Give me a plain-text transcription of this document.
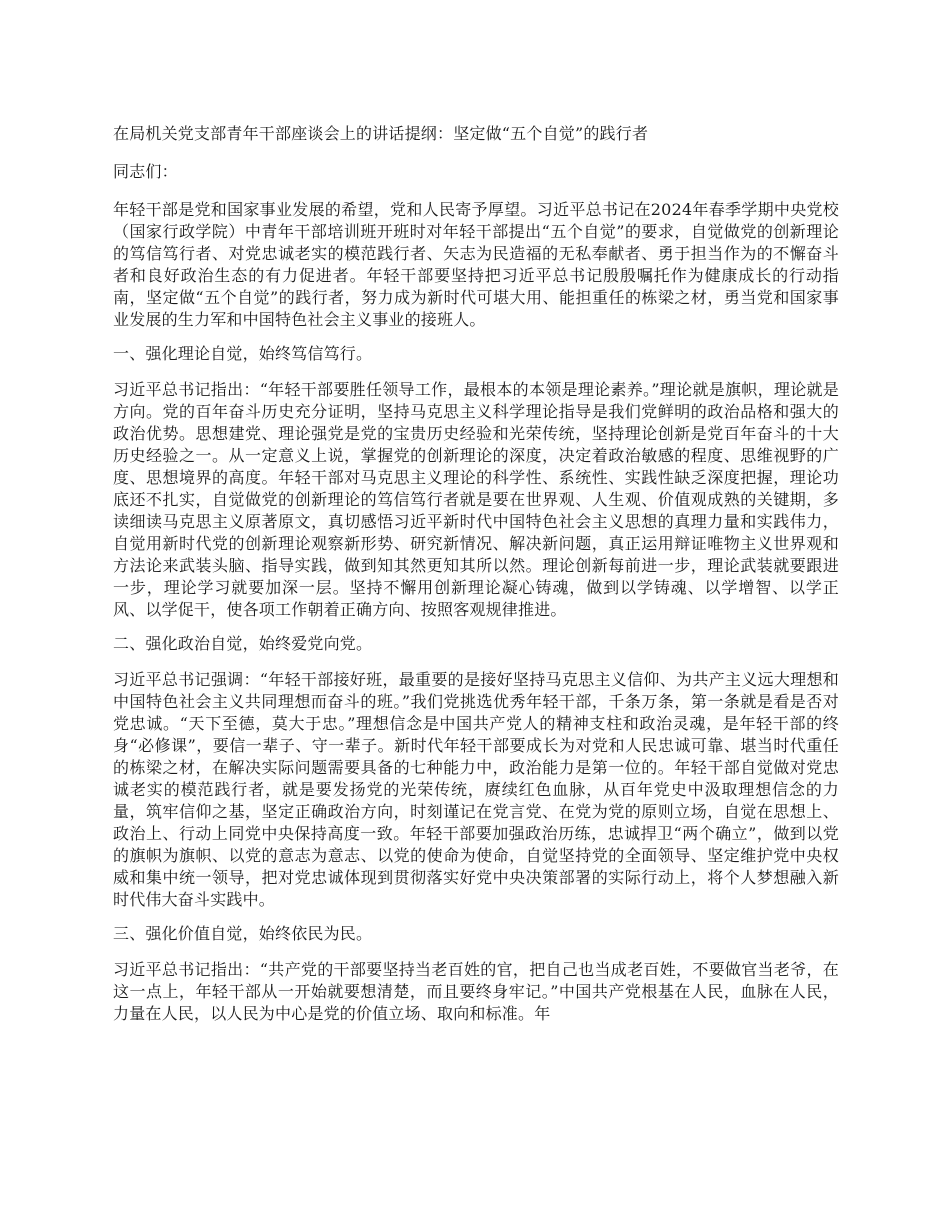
在局机关党支部青年干部座谈会上的讲话提纲：坚定做“五个自觉”的践行者

同志们：

年轻干部是党和国家事业发展的希望，党和人民寄予厚望。习近平总书记在2024年春季学期中央党校（国家行政学院）中青年干部培训班开班时对年轻干部提出“五个自觉”的要求，自觉做党的创新理论的笃信笃行者、对党忠诚老实的模范践行者、矢志为民造福的无私奉献者、勇于担当作为的不懈奋斗者和良好政治生态的有力促进者。年轻干部要坚持把习近平总书记殷殷嘱托作为健康成长的行动指南，坚定做“五个自觉”的践行者，努力成为新时代可堪大用、能担重任的栋梁之材，勇当党和国家事业发展的生力军和中国特色社会主义事业的接班人。

一、强化理论自觉，始终笃信笃行。

习近平总书记指出：“年轻干部要胜任领导工作，最根本的本领是理论素养。”理论就是旗帜，理论就是方向。党的百年奋斗历史充分证明，坚持马克思主义科学理论指导是我们党鲜明的政治品格和强大的政治优势。思想建党、理论强党是党的宝贵历史经验和光荣传统，坚持理论创新是党百年奋斗的十大历史经验之一。从一定意义上说，掌握党的创新理论的深度，决定着政治敏感的程度、思维视野的广度、思想境界的高度。年轻干部对马克思主义理论的科学性、系统性、实践性缺乏深度把握，理论功底还不扎实，自觉做党的创新理论的笃信笃行者就是要在世界观、人生观、价值观成熟的关键期，多读细读马克思主义原著原文，真切感悟习近平新时代中国特色社会主义思想的真理力量和实践伟力，自觉用新时代党的创新理论观察新形势、研究新情况、解决新问题，真正运用辩证唯物主义世界观和方法论来武装头脑、指导实践，做到知其然更知其所以然。理论创新每前进一步，理论武装就要跟进一步，理论学习就要加深一层。坚持不懈用创新理论凝心铸魂，做到以学铸魂、以学增智、以学正风、以学促干，使各项工作朝着正确方向、按照客观规律推进。

二、强化政治自觉，始终爱党向党。

习近平总书记强调：“年轻干部接好班，最重要的是接好坚持马克思主义信仰、为共产主义远大理想和中国特色社会主义共同理想而奋斗的班。”我们党挑选优秀年轻干部，千条万条，第一条就是看是否对党忠诚。“天下至德，莫大于忠。”理想信念是中国共产党人的精神支柱和政治灵魂，是年轻干部的终身“必修课”，要信一辈子、守一辈子。新时代年轻干部要成长为对党和人民忠诚可靠、堪当时代重任的栋梁之材，在解决实际问题需要具备的七种能力中，政治能力是第一位的。年轻干部自觉做对党忠诚老实的模范践行者，就是要发扬党的光荣传统，赓续红色血脉，从百年党史中汲取理想信念的力量，筑牢信仰之基，坚定正确政治方向，时刻谨记在党言党、在党为党的原则立场，自觉在思想上、政治上、行动上同党中央保持高度一致。年轻干部要加强政治历练，忠诚捍卫“两个确立”，做到以党的旗帜为旗帜、以党的意志为意志、以党的使命为使命，自觉坚持党的全面领导、坚定维护党中央权威和集中统一领导，把对党忠诚体现到贯彻落实好党中央决策部署的实际行动上，将个人梦想融入新时代伟大奋斗实践中。

三、强化价值自觉，始终依民为民。

习近平总书记指出：“共产党的干部要坚持当老百姓的官，把自己也当成老百姓，不要做官当老爷，在这一点上，年轻干部从一开始就要想清楚，而且要终身牢记。”中国共产党根基在人民，血脉在人民，力量在人民，以人民为中心是党的价值立场、取向和标准。年
